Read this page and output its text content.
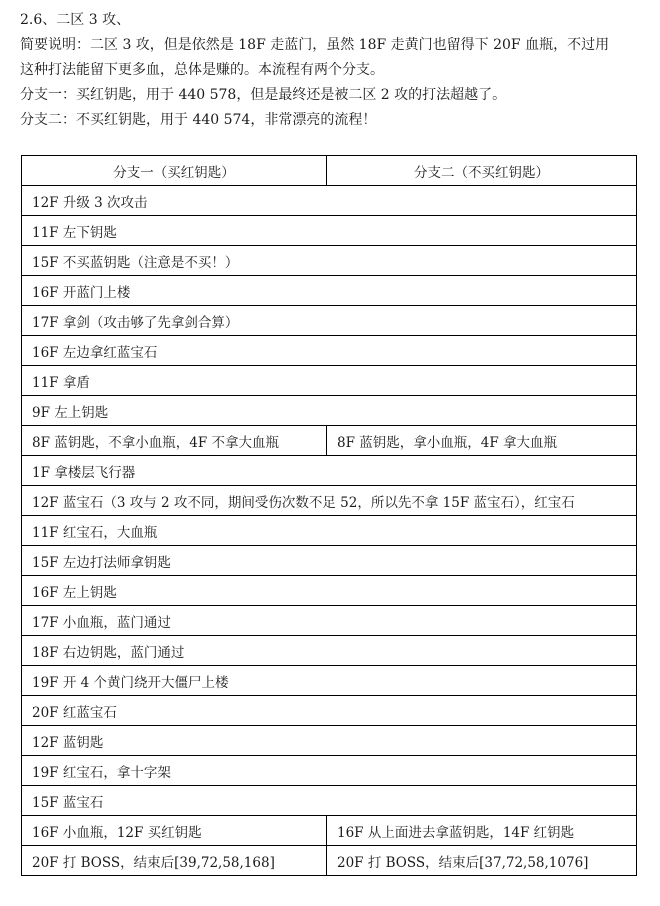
2.6、二区 3 攻、

简要说明：二区 3 攻，但是依然是 18F 走蓝门，虽然 18F 走黄门也留得下 20F 血瓶，不过用

这种打法能留下更多血，总体是赚的。本流程有两个分支。

分支一：买红钥匙，用于 440 578，但是最终还是被二区 2 攻的打法超越了。

分支二：不买红钥匙，用于 440 574，非常漂亮的流程！

分支一（买红钥匙）	分支二（不买红钥匙）
12F 升级 3 次攻击	
11F 左下钥匙	
15F 不买蓝钥匙（注意是不买！）	
16F 开蓝门上楼	
17F 拿剑（攻击够了先拿剑合算）	
16F 左边拿红蓝宝石	
11F 拿盾	
9F 左上钥匙	
8F 蓝钥匙，不拿小血瓶，4F 不拿大血瓶	8F 蓝钥匙，拿小血瓶，4F 拿大血瓶
1F 拿楼层飞行器	
12F 蓝宝石（3 攻与 2 攻不同，期间受伤次数不足 52，所以先不拿 15F 蓝宝石），红宝石	
11F 红宝石，大血瓶	
15F 左边打法师拿钥匙	
16F 左上钥匙	
17F 小血瓶，蓝门通过	
18F 右边钥匙，蓝门通过	
19F 开 4 个黄门绕开大僵尸上楼	
20F 红蓝宝石	
12F 蓝钥匙	
19F 红宝石，拿十字架	
15F 蓝宝石	
16F 小血瓶，12F 买红钥匙	16F 从上面进去拿蓝钥匙，14F 红钥匙
20F 打 BOSS，结束后[39,72,58,168]	20F 打 BOSS，结束后[37,72,58,1076]
